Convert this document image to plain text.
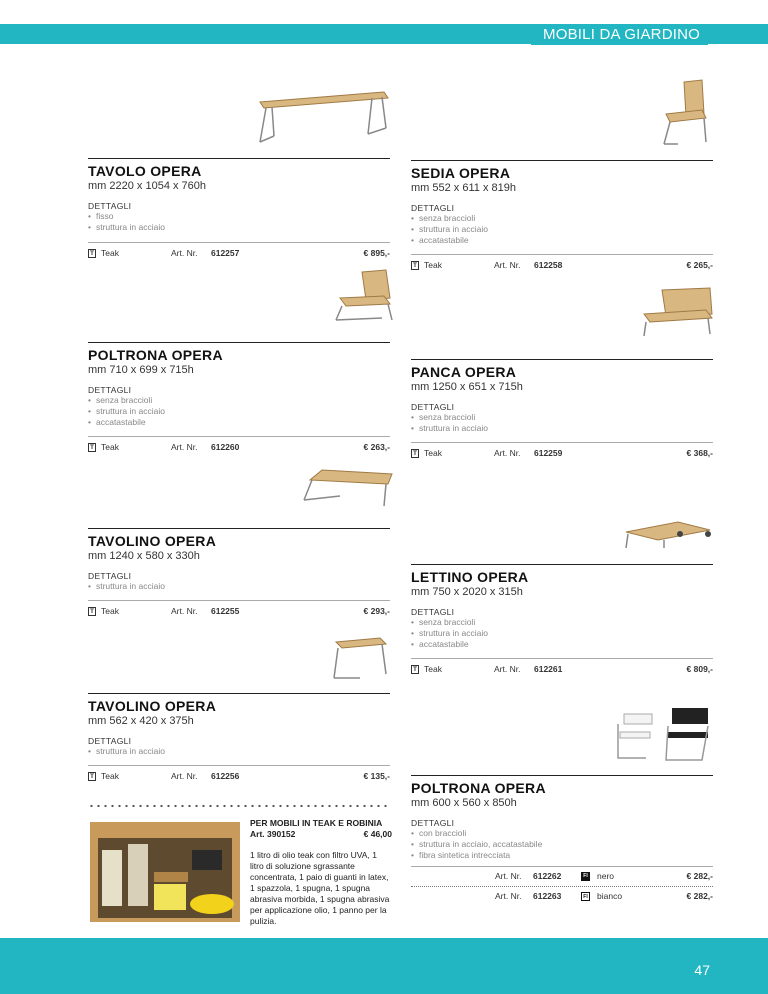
MOBILI DA GIARDINO
TAVOLO OPERA
mm 2220 x 1054 x 760h
DETTAGLI
• fisso
• struttura in acciaio
T Teak	Art. Nr.	612257	€ 895,-
SEDIA OPERA
mm 552 x 611 x 819h
DETTAGLI
• senza braccioli
• struttura in acciaio
• accatastabile
T Teak	Art. Nr.	612258	€ 265,-
POLTRONA OPERA
mm 710 x 699 x 715h
DETTAGLI
• senza braccioli
• struttura in acciaio
• accatastabile
T Teak	Art. Nr.	612260	€ 263,-
PANCA OPERA
mm 1250 x 651 x 715h
DETTAGLI
• senza braccioli
• struttura in acciaio
T Teak	Art. Nr.	612259	€ 368,-
TAVOLINO OPERA
mm 1240 x 580 x 330h
DETTAGLI
• struttura in acciaio
T Teak	Art. Nr.	612255	€ 293,-
LETTINO OPERA
mm 750 x 2020 x 315h
DETTAGLI
• senza braccioli
• struttura in acciaio
• accatastabile
T Teak	Art. Nr.	612261	€ 809,-
TAVOLINO OPERA
mm 562 x 420 x 375h
DETTAGLI
• struttura in acciaio
T Teak	Art. Nr.	612256	€ 135,-
POLTRONA OPERA
mm 600 x 560 x 850h
DETTAGLI
• con braccioli
• struttura in acciaio, accatastabile
• fibra sintetica intrecciata
Art. Nr. 612262	FI nero	€ 282,-
Art. Nr. 612263	FI bianco	€ 282,-
PER MOBILI IN TEAK E ROBINIA
Art. 390152	€ 46,00

1 litro di olio teak con filtro UVA, 1 litro di soluzione sgrassante concentrata, 1 paio di guanti in latex, 1 spazzola, 1 spugna, 1 spugna abrasiva morbida, 1 spugna abrasiva per applicazione olio, 1 panno per la pulizia.

47
